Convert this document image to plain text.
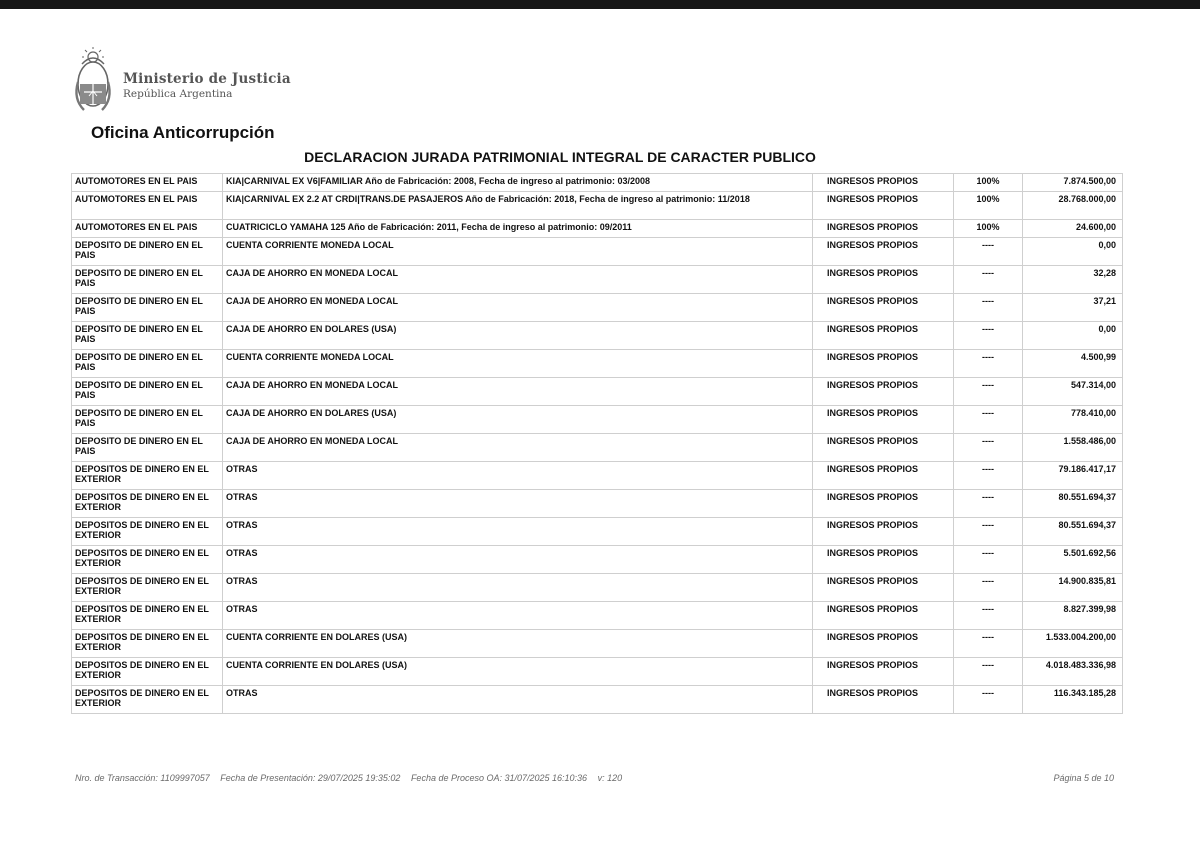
Ministerio de Justicia
República Argentina
Oficina Anticorrupción
DECLARACION JURADA PATRIMONIAL INTEGRAL DE CARACTER PUBLICO
AUTOMOTORES EN EL PAIS	KIA|CARNIVAL EX V6|FAMILIAR Año de Fabricación: 2008, Fecha de ingreso al patrimonio: 03/2008	INGRESOS PROPIOS	100%	7.874.500,00
AUTOMOTORES EN EL PAIS	KIA|CARNIVAL EX 2.2 AT CRDI|TRANS.DE PASAJEROS Año de Fabricación: 2018, Fecha de ingreso al patrimonio: 11/2018	INGRESOS PROPIOS	100%	28.768.000,00
AUTOMOTORES EN EL PAIS	CUATRICICLO YAMAHA 125 Año de Fabricación: 2011, Fecha de ingreso al patrimonio: 09/2011	INGRESOS PROPIOS	100%	24.600,00
DEPOSITO DE DINERO EN EL PAIS	CUENTA CORRIENTE MONEDA LOCAL	INGRESOS PROPIOS	----	0,00
DEPOSITO DE DINERO EN EL PAIS	CAJA DE AHORRO EN MONEDA LOCAL	INGRESOS PROPIOS	----	32,28
DEPOSITO DE DINERO EN EL PAIS	CAJA DE AHORRO EN MONEDA LOCAL	INGRESOS PROPIOS	----	37,21
DEPOSITO DE DINERO EN EL PAIS	CAJA DE AHORRO EN DOLARES (USA)	INGRESOS PROPIOS	----	0,00
DEPOSITO DE DINERO EN EL PAIS	CUENTA CORRIENTE MONEDA LOCAL	INGRESOS PROPIOS	----	4.500,99
DEPOSITO DE DINERO EN EL PAIS	CAJA DE AHORRO EN MONEDA LOCAL	INGRESOS PROPIOS	----	547.314,00
DEPOSITO DE DINERO EN EL PAIS	CAJA DE AHORRO EN DOLARES (USA)	INGRESOS PROPIOS	----	778.410,00
DEPOSITO DE DINERO EN EL PAIS	CAJA DE AHORRO EN MONEDA LOCAL	INGRESOS PROPIOS	----	1.558.486,00
DEPOSITOS DE DINERO EN EL EXTERIOR	OTRAS	INGRESOS PROPIOS	----	79.186.417,17
DEPOSITOS DE DINERO EN EL EXTERIOR	OTRAS	INGRESOS PROPIOS	----	80.551.694,37
DEPOSITOS DE DINERO EN EL EXTERIOR	OTRAS	INGRESOS PROPIOS	----	80.551.694,37
DEPOSITOS DE DINERO EN EL EXTERIOR	OTRAS	INGRESOS PROPIOS	----	5.501.692,56
DEPOSITOS DE DINERO EN EL EXTERIOR	OTRAS	INGRESOS PROPIOS	----	14.900.835,81
DEPOSITOS DE DINERO EN EL EXTERIOR	OTRAS	INGRESOS PROPIOS	----	8.827.399,98
DEPOSITOS DE DINERO EN EL EXTERIOR	CUENTA CORRIENTE EN DOLARES (USA)	INGRESOS PROPIOS	----	1.533.004.200,00
DEPOSITOS DE DINERO EN EL EXTERIOR	CUENTA CORRIENTE EN DOLARES (USA)	INGRESOS PROPIOS	----	4.018.483.336,98
DEPOSITOS DE DINERO EN EL EXTERIOR	OTRAS	INGRESOS PROPIOS	----	116.343.185,28
Nro. de Transacción: 1109997057 Fecha de Presentación: 29/07/2025 19:35:02 Fecha de Proceso OA: 31/07/2025 16:10:36 v: 120	Página 5 de 10
